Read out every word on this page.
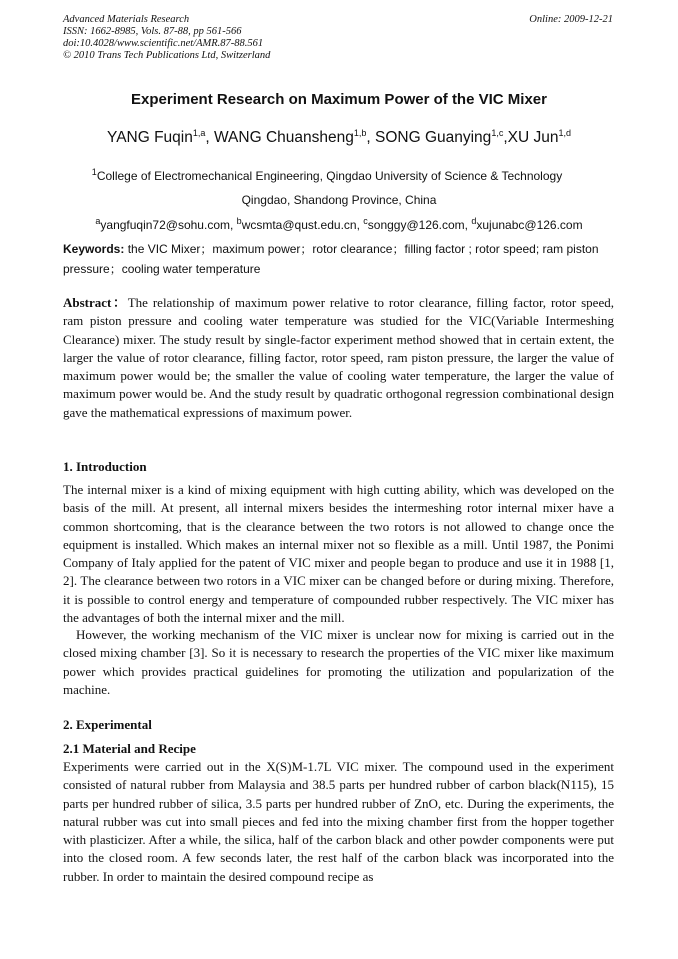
Advanced Materials Research
ISSN: 1662-8985, Vols. 87-88, pp 561-566
doi:10.4028/www.scientific.net/AMR.87-88.561
© 2010 Trans Tech Publications Ltd, Switzerland
Online: 2009-12-21
Experiment Research on Maximum Power of the VIC Mixer
YANG Fuqin$^{1,a}$, WANG Chuansheng$^{1,b}$, SONG Guanying$^{1,c}$,XU Jun$^{1,d}$
$^1$College of Electromechanical Engineering, Qingdao University of Science & Technology
Qingdao, Shandong Province, China
$^a$yangfuqin72@sohu.com, $^b$wcsmta@qust.edu.cn, $^c$songgy@126.com, $^d$xujunabc@126.com
Keywords: the VIC Mixer；maximum power；rotor clearance；filling factor ; rotor speed; ram piston pressure；cooling water temperature

Abstract：The relationship of maximum power relative to rotor clearance, filling factor, rotor speed, ram piston pressure and cooling water temperature was studied for the VIC(Variable Intermeshing Clearance) mixer. The study result by single-factor experiment method showed that in certain extent, the larger the value of rotor clearance, filling factor, rotor speed, ram piston pressure, the larger the value of maximum power would be; the smaller the value of cooling water temperature, the larger the value of maximum power would be. And the study result by quadratic orthogonal regression combinational design gave the mathematical expressions of maximum power.

1. Introduction

The internal mixer is a kind of mixing equipment with high cutting ability, which was developed on the basis of the mill. At present, all internal mixers besides the intermeshing rotor internal mixer have a common shortcoming, that is the clearance between the two rotors is not allowed to change once the equipment is installed. Which makes an internal mixer not so flexible as a mill. Until 1987, the Ponimi Company of Italy applied for the patent of VIC mixer and people began to produce and use it in 1988 [1, 2]. The clearance between two rotors in a VIC mixer can be changed before or during mixing. Therefore, it is possible to control energy and temperature of compounded rubber respectively. The VIC mixer has the advantages of both the internal mixer and the mill.

However, the working mechanism of the VIC mixer is unclear now for mixing is carried out in the closed mixing chamber [3]. So it is necessary to research the properties of the VIC mixer like maximum power which provides practical guidelines for promoting the utilization and popularization of the machine.

2. Experimental
2.1 Material and Recipe

Experiments were carried out in the X(S)M-1.7L VIC mixer. The compound used in the experiment consisted of natural rubber from Malaysia and 38.5 parts per hundred rubber of carbon black(N115), 15 parts per hundred rubber of silica, 3.5 parts per hundred rubber of ZnO, etc. During the experiments, the natural rubber was cut into small pieces and fed into the mixing chamber first from the hopper together with plasticizer. After a while, the silica, half of the carbon black and other powder components were put into the closed room. A few seconds later, the rest half of the carbon black was incorporated into the rubber. In order to maintain the desired compound recipe as
